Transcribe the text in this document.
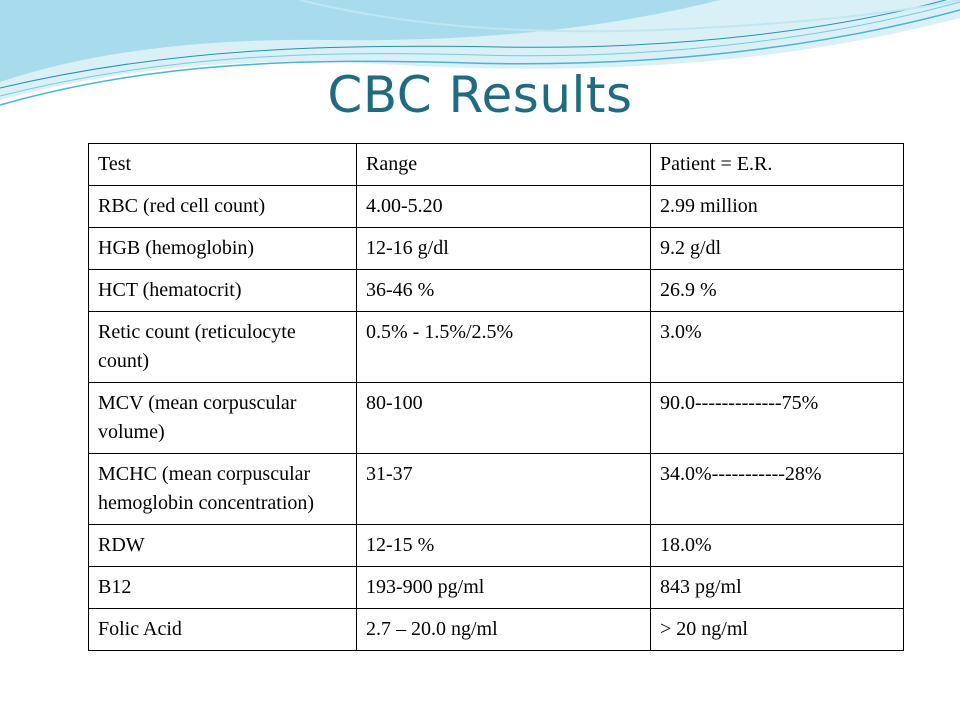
CBC Results
Test	Range	Patient = E.R.
RBC (red cell count)	4.00-5.20	2.99 million
HGB (hemoglobin)	12-16 g/dl	9.2 g/dl
HCT (hematocrit)	36-46 %	26.9 %
Retic count (reticulocyte count)	0.5% - 1.5%/2.5%	3.0%
MCV (mean corpuscular volume)	80-100	90.0-------------75%
MCHC (mean corpuscular hemoglobin concentration)	31-37	34.0%-----------28%
RDW	12-15 %	18.0%
B12	193-900 pg/ml	843 pg/ml
Folic Acid	2.7 – 20.0 ng/ml	> 20 ng/ml
